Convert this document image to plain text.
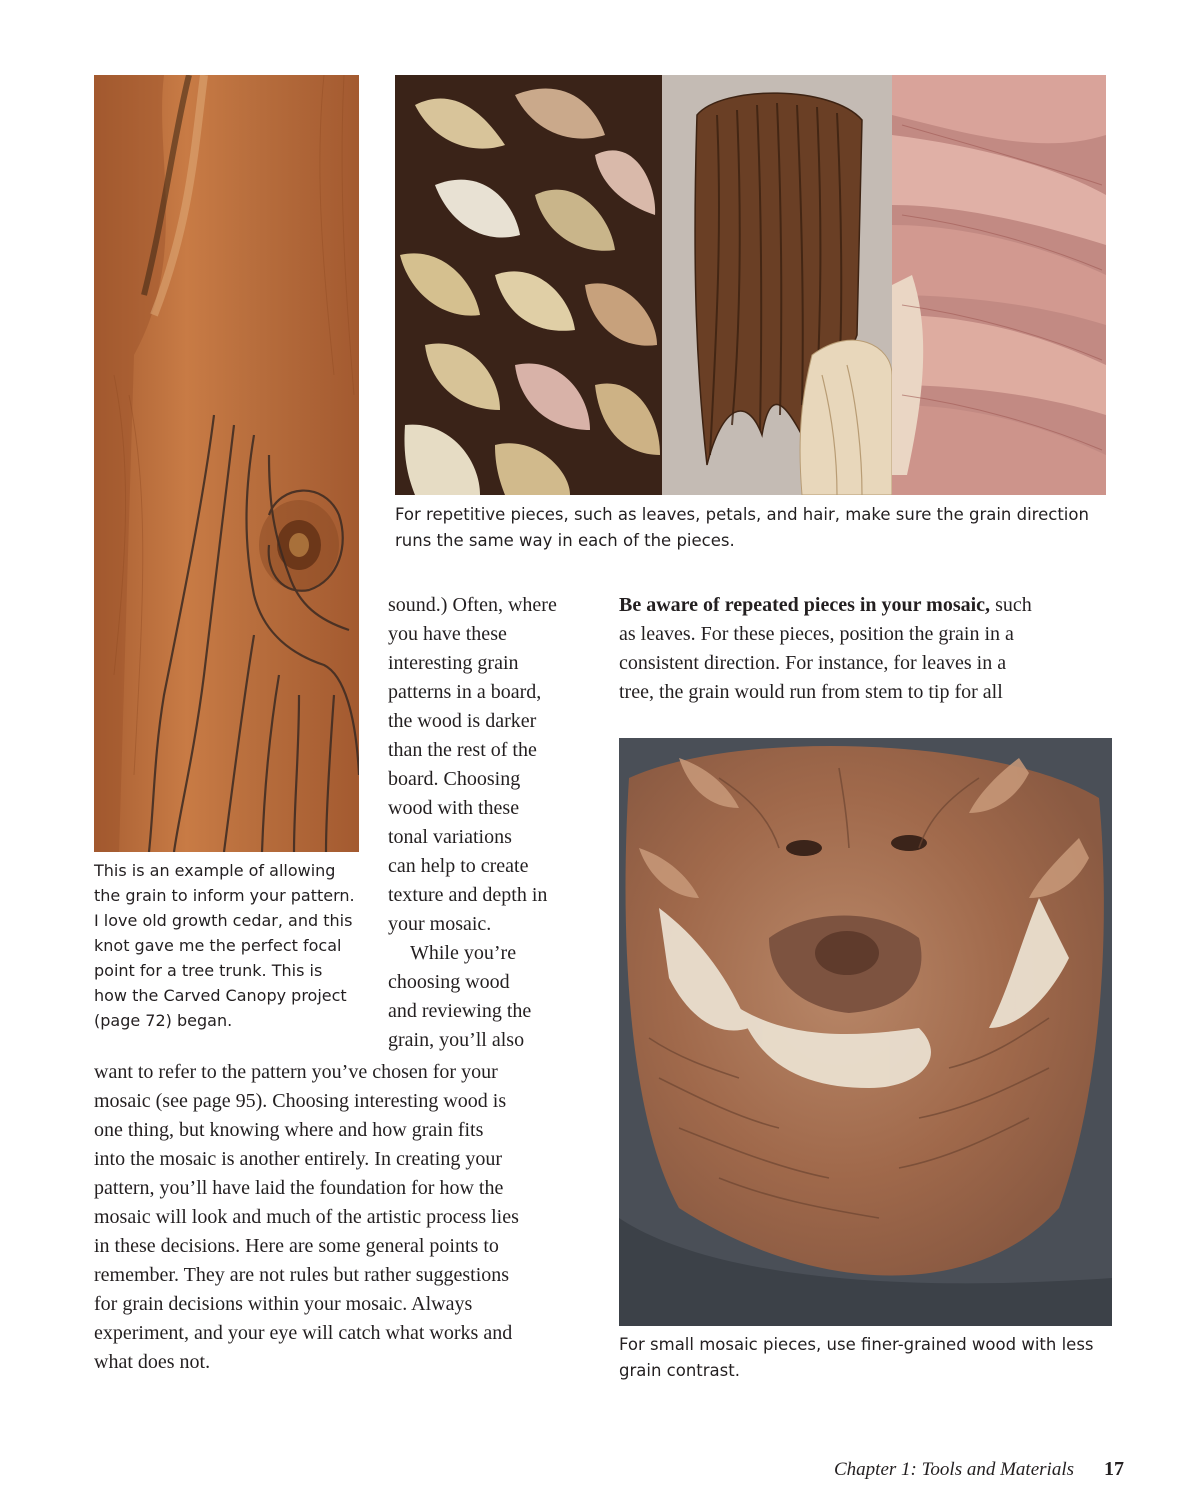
For repetitive pieces, such as leaves, petals, and hair, make sure the grain direction
runs the same way in each of the pieces.
This is an example of allowing
the grain to inform your pattern.
I love old growth cedar, and this
knot gave me the perfect focal
point for a tree trunk. This is
how the Carved Canopy project
(page 72) began.

sound.) Often, where

you have these

interesting grain

patterns in a board,

the wood is darker

than the rest of the

board. Choosing

wood with these

tonal variations

can help to create

texture and depth in

your mosaic.

While you’re

choosing wood

and reviewing the

grain, you’ll also

want to refer to the pattern you’ve chosen for your

mosaic (see page 95). Choosing interesting wood is

one thing, but knowing where and how grain fits

into the mosaic is another entirely. In creating your

pattern, you’ll have laid the foundation for how the

mosaic will look and much of the artistic process lies

in these decisions. Here are some general points to

remember. They are not rules but rather suggestions

for grain decisions within your mosaic. Always

experiment, and your eye will catch what works and

what does not.

Be aware of repeated pieces in your mosaic, such

as leaves. For these pieces, position the grain in a

consistent direction. For instance, for leaves in a

tree, the grain would run from stem to tip for all

For small mosaic pieces, use finer-grained wood with less
grain contrast.
Chapter 1: Tools and Materials 17
